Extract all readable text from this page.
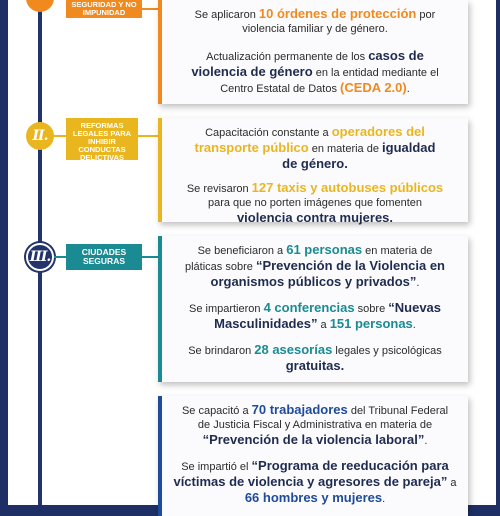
SEGURIDAD Y NO IMPUNIDAD	Se aplicaron 10 órdenes de protección por
violencia familiar y de género.

Actualización permanente de los casos de
violencia de género en la entidad mediante el
Centro Estatal de Datos (CEDA 2.0).

II.
REFORMAS LEGALES PARA INHIBIR CONDUCTAS DELICTIVAS

Capacitación constante a operadores del
transporte público en materia de igualdad
de género.

Se revisaron 127 taxis y autobuses públicos
para que no porten imágenes que fomenten
violencia contra mujeres.

III.	CIUDADES SEGURAS

Se beneficiaron a 61 personas en materia de
pláticas sobre “Prevención de la Violencia en
organismos públicos y privados”.

Se impartieron 4 conferencias sobre “Nuevas
Masculinidades” a 151 personas.

Se brindaron 28 asesorías legales y psicológicas
gratuitas.

Se capacitó a 70 trabajadores del Tribunal Federal
de Justicia Fiscal y Administrativa en materia de
“Prevención de la violencia laboral”.

Se impartió el “Programa de reeducación para
víctimas de violencia y agresores de pareja” a
66 hombres y mujeres.
